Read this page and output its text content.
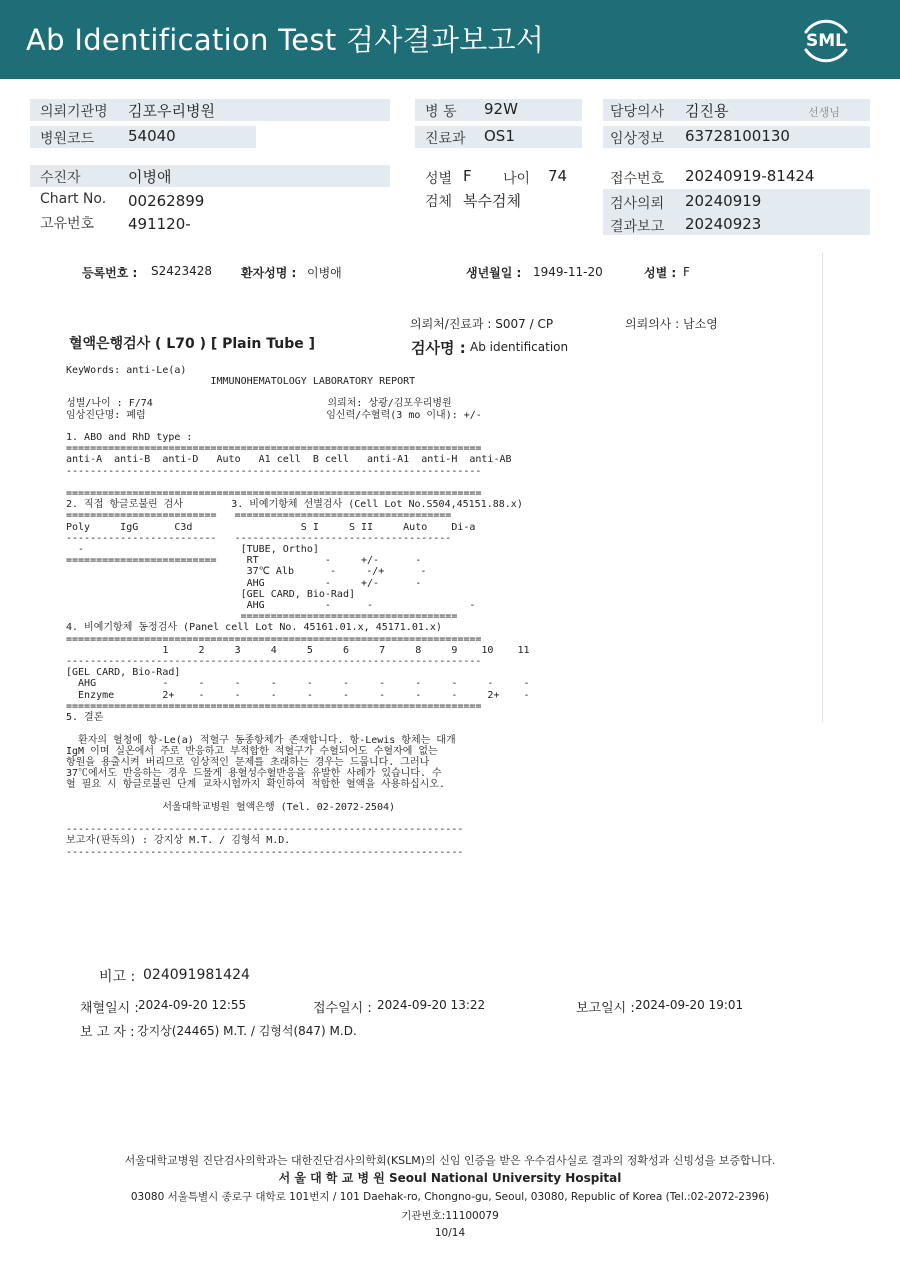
Ab Identification Test 검사결과보고서	SML
의뢰기관명 김포우리병원
병원코드 54040
병 동 92W
진료과 OS1
담당의사 김진용	선생님
임상정보 63728100130
수진자	이병애
Chart No. 00262899
고유번호 491120-
성별 F 나이 74
검체 복수검체
접수번호 20240919-81424
검사의뢰 20240919
결과보고 20240923
등록번호 : S2423428 환자성명 : 이병애	생년월일 : 1949-11-20	성별 : F
의뢰처/진료과 : S007 / CP	의뢰의사 : 남소영
혈액은행검사 ( L70 ) [ Plain Tube ]	검사명 : Ab identification
KeyWords: anti-Le(a)
IMMUNOHEMATOLOGY LABORATORY REPORT

성별/나이 : F/74                             의뢰처: 상광/김포우리병원
임상진단명: 폐렴                              임신력/수혈력(3 mo 이내): +/-

1. ABO and RhD type :
=====================================================================
anti-A  anti-B  anti-D   Auto   A1 cell  B cell   anti-A1  anti-H  anti-AB
---------------------------------------------------------------------

=====================================================================
2. 직접 항글로불린 검사        3. 비예기항체 선별검사 (Cell Lot No.S504,45151.88.x)
=========================   ====================================
Poly     IgG      C3d                  S I     S II     Auto    Di-a
-------------------------   ------------------------------------
-                          [TUBE, Ortho]
=========================     RT           -     +/-      -
37℃ Alb      -     -/+      -
AHG          -     +/-      -
[GEL CARD, Bio-Rad]
AHG          -      -                -
====================================
4. 비예기항체 동정검사 (Panel cell Lot No. 45161.01.x, 45171.01.x)
=====================================================================
1     2     3     4     5     6     7     8     9    10    11
---------------------------------------------------------------------
[GEL CARD, Bio-Rad]
AHG           -     -     -     -     -     -     -     -     -     -     -
Enzyme        2+    -     -     -     -     -     -     -     -     2+    -
=====================================================================
5. 결론

환자의 혈청에 항-Le(a) 적혈구 동종항체가 존재합니다. 항-Lewis 항체는 대개
IgM 이며 실온에서 주로 반응하고 부적합한 적혈구가 수혈되어도 수혈자에 없는
항원을 용출시켜 버리므로 임상적인 문제를 초래하는 경우는 드뭅니다. 그러나
37℃에서도 반응하는 경우 드물게 용혈성수혈반응을 유발한 사례가 있습니다. 수
혈 필요 시 항글로불린 단계 교차시험까지 확인하여 적합한 혈액을 사용하십시오.

서울대학교병원 혈액은행 (Tel. 02-2072-2504)

------------------------------------------------------------------
보고자(판독의) : 강지상 M.T. / 김형석 M.D.
------------------------------------------------------------------
비고 : 024091981424
채혈일시 : 2024-09-20 12:55	접수일시 : 2024-09-20 13:22	보고일시 : 2024-09-20 19:01
보 고 자 : 강지상(24465) M.T. / 김형석(847) M.D.
서울대학교병원 진단검사의학과는 대한진단검사의학회(KSLM)의 신임 인증을 받은 우수검사실로 결과의 정확성과 신빙성을 보증합니다.
서 울 대 학 교 병 원 Seoul National University Hospital
03080 서울특별시 종로구 대학로 101번지 / 101 Daehak-ro, Chongno-gu, Seoul, 03080, Republic of Korea (Tel.:02-2072-2396)
기관번호:11100079
10/14
